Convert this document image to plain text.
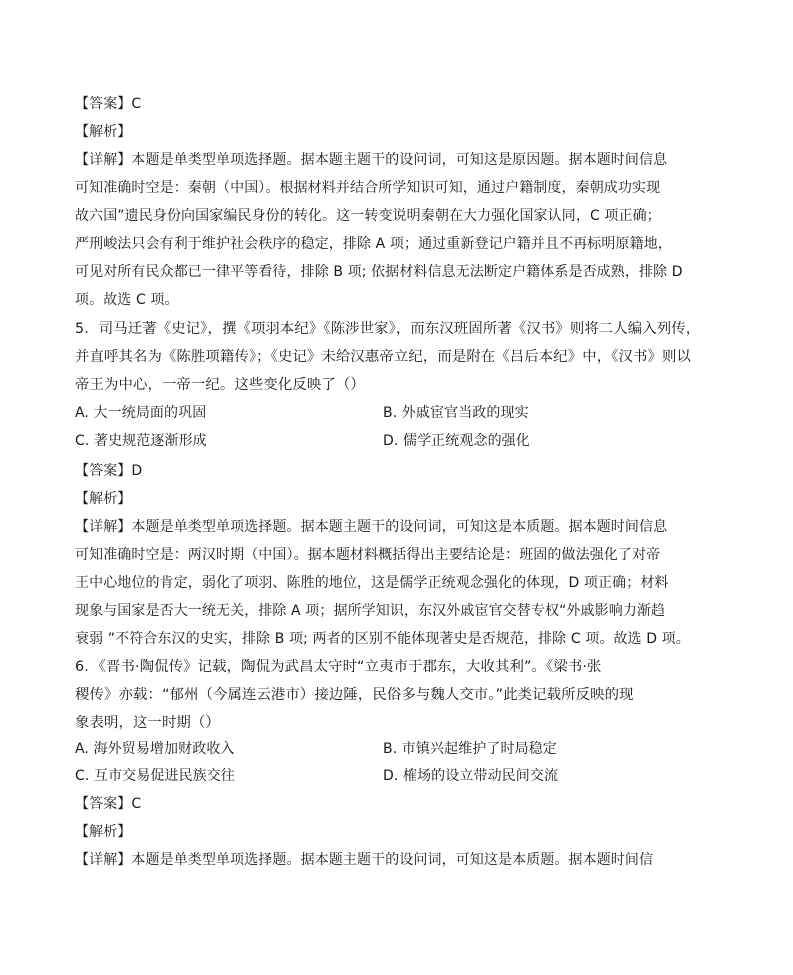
【答案】C
【解析】
【详解】本题是单类型单项选择题。据本题主题干的设问词，可知这是原因题。据本题时间信息
可知准确时空是：秦朝（中国）。根据材料并结合所学知识可知，通过户籍制度，秦朝成功实现
故六国”遗民身份向国家编民身份的转化。这一转变说明秦朝在大力强化国家认同，C 项正确；
严刑峻法只会有利于维护社会秩序的稳定，排除 A 项；通过重新登记户籍并且不再标明原籍地，
可见对所有民众都已一律平等看待，排除 B 项; 依据材料信息无法断定户籍体系是否成熟，排除 D
项。故选 C 项。
5．司马迁著《史记》，撰《项羽本纪》《陈涉世家》，而东汉班固所著《汉书》则将二人编入列传，
并直呼其名为《陈胜项籍传》；《史记》未给汉惠帝立纪，而是附在《吕后本纪》中，《汉书》则以
帝王为中心，一帝一纪。这些变化反映了（）
A. 大一统局面的巩固	B. 外戚宦官当政的现实
C. 著史规范逐渐形成	D. 儒学正统观念的强化
【答案】D
【解析】
【详解】本题是单类型单项选择题。据本题主题干的设问词，可知这是本质题。据本题时间信息
可知准确时空是：两汉时期（中国）。据本题材料概括得出主要结论是：班固的做法强化了对帝
王中心地位的肯定，弱化了项羽、陈胜的地位，这是儒学正统观念强化的体现，D 项正确；材料
现象与国家是否大一统无关，排除 A 项；据所学知识，东汉外戚宦官交替专权“外戚影响力渐趋
衰弱 ”不符合东汉的史实，排除 B 项; 两者的区别不能体现著史是否规范，排除 C 项。故选 D 项。
6．《晋书·陶侃传》记载，陶侃为武昌太守时“立夷市于郡东，大收其利”。《梁书·张
稷传》亦载：“郁州（今属连云港市）接边陲，民俗多与魏人交市。”此类记载所反映的现
象表明，这一时期（）
A. 海外贸易增加财政收入	B. 市镇兴起维护了时局稳定
C. 互市交易促进民族交往	D. 榷场的设立带动民间交流
【答案】C
【解析】
【详解】本题是单类型单项选择题。据本题主题干的设问词，可知这是本质题。据本题时间信
